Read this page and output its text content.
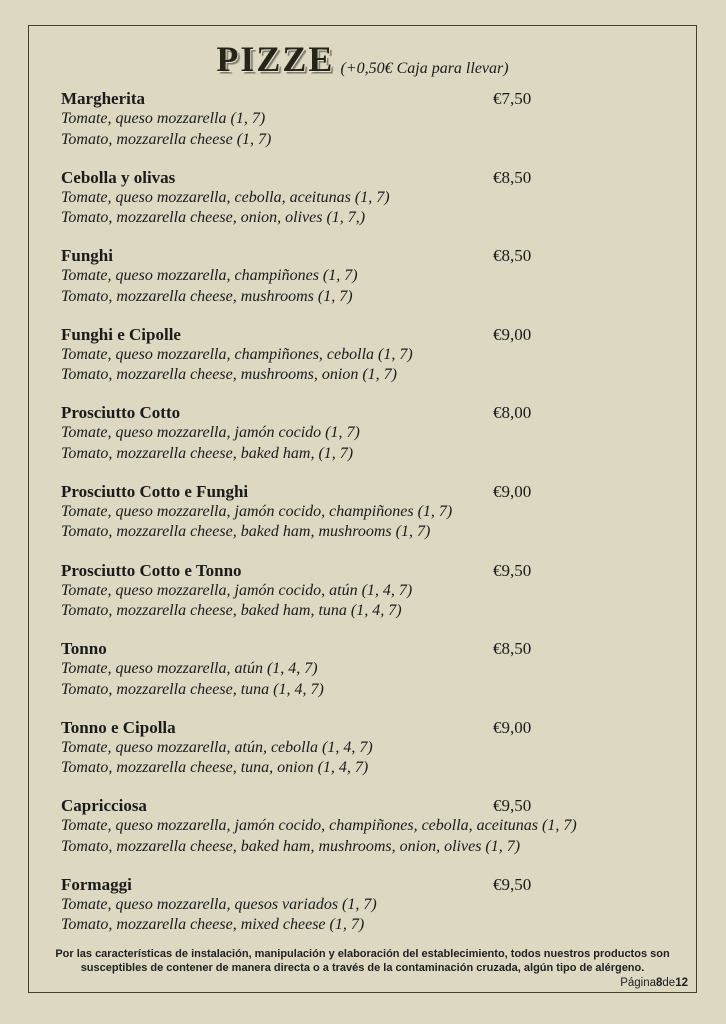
PIZZE (+0,50€ Caja para llevar)
Margherita	€7,50
Tomate, queso mozzarella (1, 7)
Tomato, mozzarella cheese (1, 7)
Cebolla y olivas	€8,50
Tomate, queso mozzarella, cebolla, aceitunas (1, 7)
Tomato, mozzarella cheese, onion, olives (1, 7,)
Funghi	€8,50
Tomate, queso mozzarella, champiñones (1, 7)
Tomato, mozzarella cheese, mushrooms (1, 7)
Funghi e Cipolle	€9,00
Tomate, queso mozzarella, champiñones, cebolla (1, 7)
Tomato, mozzarella cheese, mushrooms, onion (1, 7)
Prosciutto Cotto	€8,00
Tomate, queso mozzarella, jamón cocido (1, 7)
Tomato, mozzarella cheese, baked ham, (1, 7)
Prosciutto Cotto e Funghi	€9,00
Tomate, queso mozzarella, jamón cocido, champiñones (1, 7)
Tomato, mozzarella cheese, baked ham, mushrooms (1, 7)
Prosciutto Cotto e Tonno	€9,50
Tomate, queso mozzarella, jamón cocido, atún (1, 4, 7)
Tomato, mozzarella cheese, baked ham, tuna (1, 4, 7)
Tonno	€8,50
Tomate, queso mozzarella, atún (1, 4, 7)
Tomato, mozzarella cheese, tuna (1, 4, 7)
Tonno e Cipolla	€9,00
Tomate, queso mozzarella, atún, cebolla (1, 4, 7)
Tomato, mozzarella cheese, tuna, onion (1, 4, 7)
Capricciosa	€9,50
Tomate, queso mozzarella, jamón cocido, champiñones, cebolla, aceitunas (1, 7)
Tomato, mozzarella cheese, baked ham, mushrooms, onion, olives (1, 7)
Formaggi	€9,50
Tomate, queso mozzarella, quesos variados (1, 7)
Tomato, mozzarella cheese, mixed cheese (1, 7)
Por las características de instalación, manipulación y elaboración del establecimiento, todos nuestros productos son
susceptibles de contener de manera directa o a través de la contaminación cruzada, algún tipo de alérgeno.
Página8de12
